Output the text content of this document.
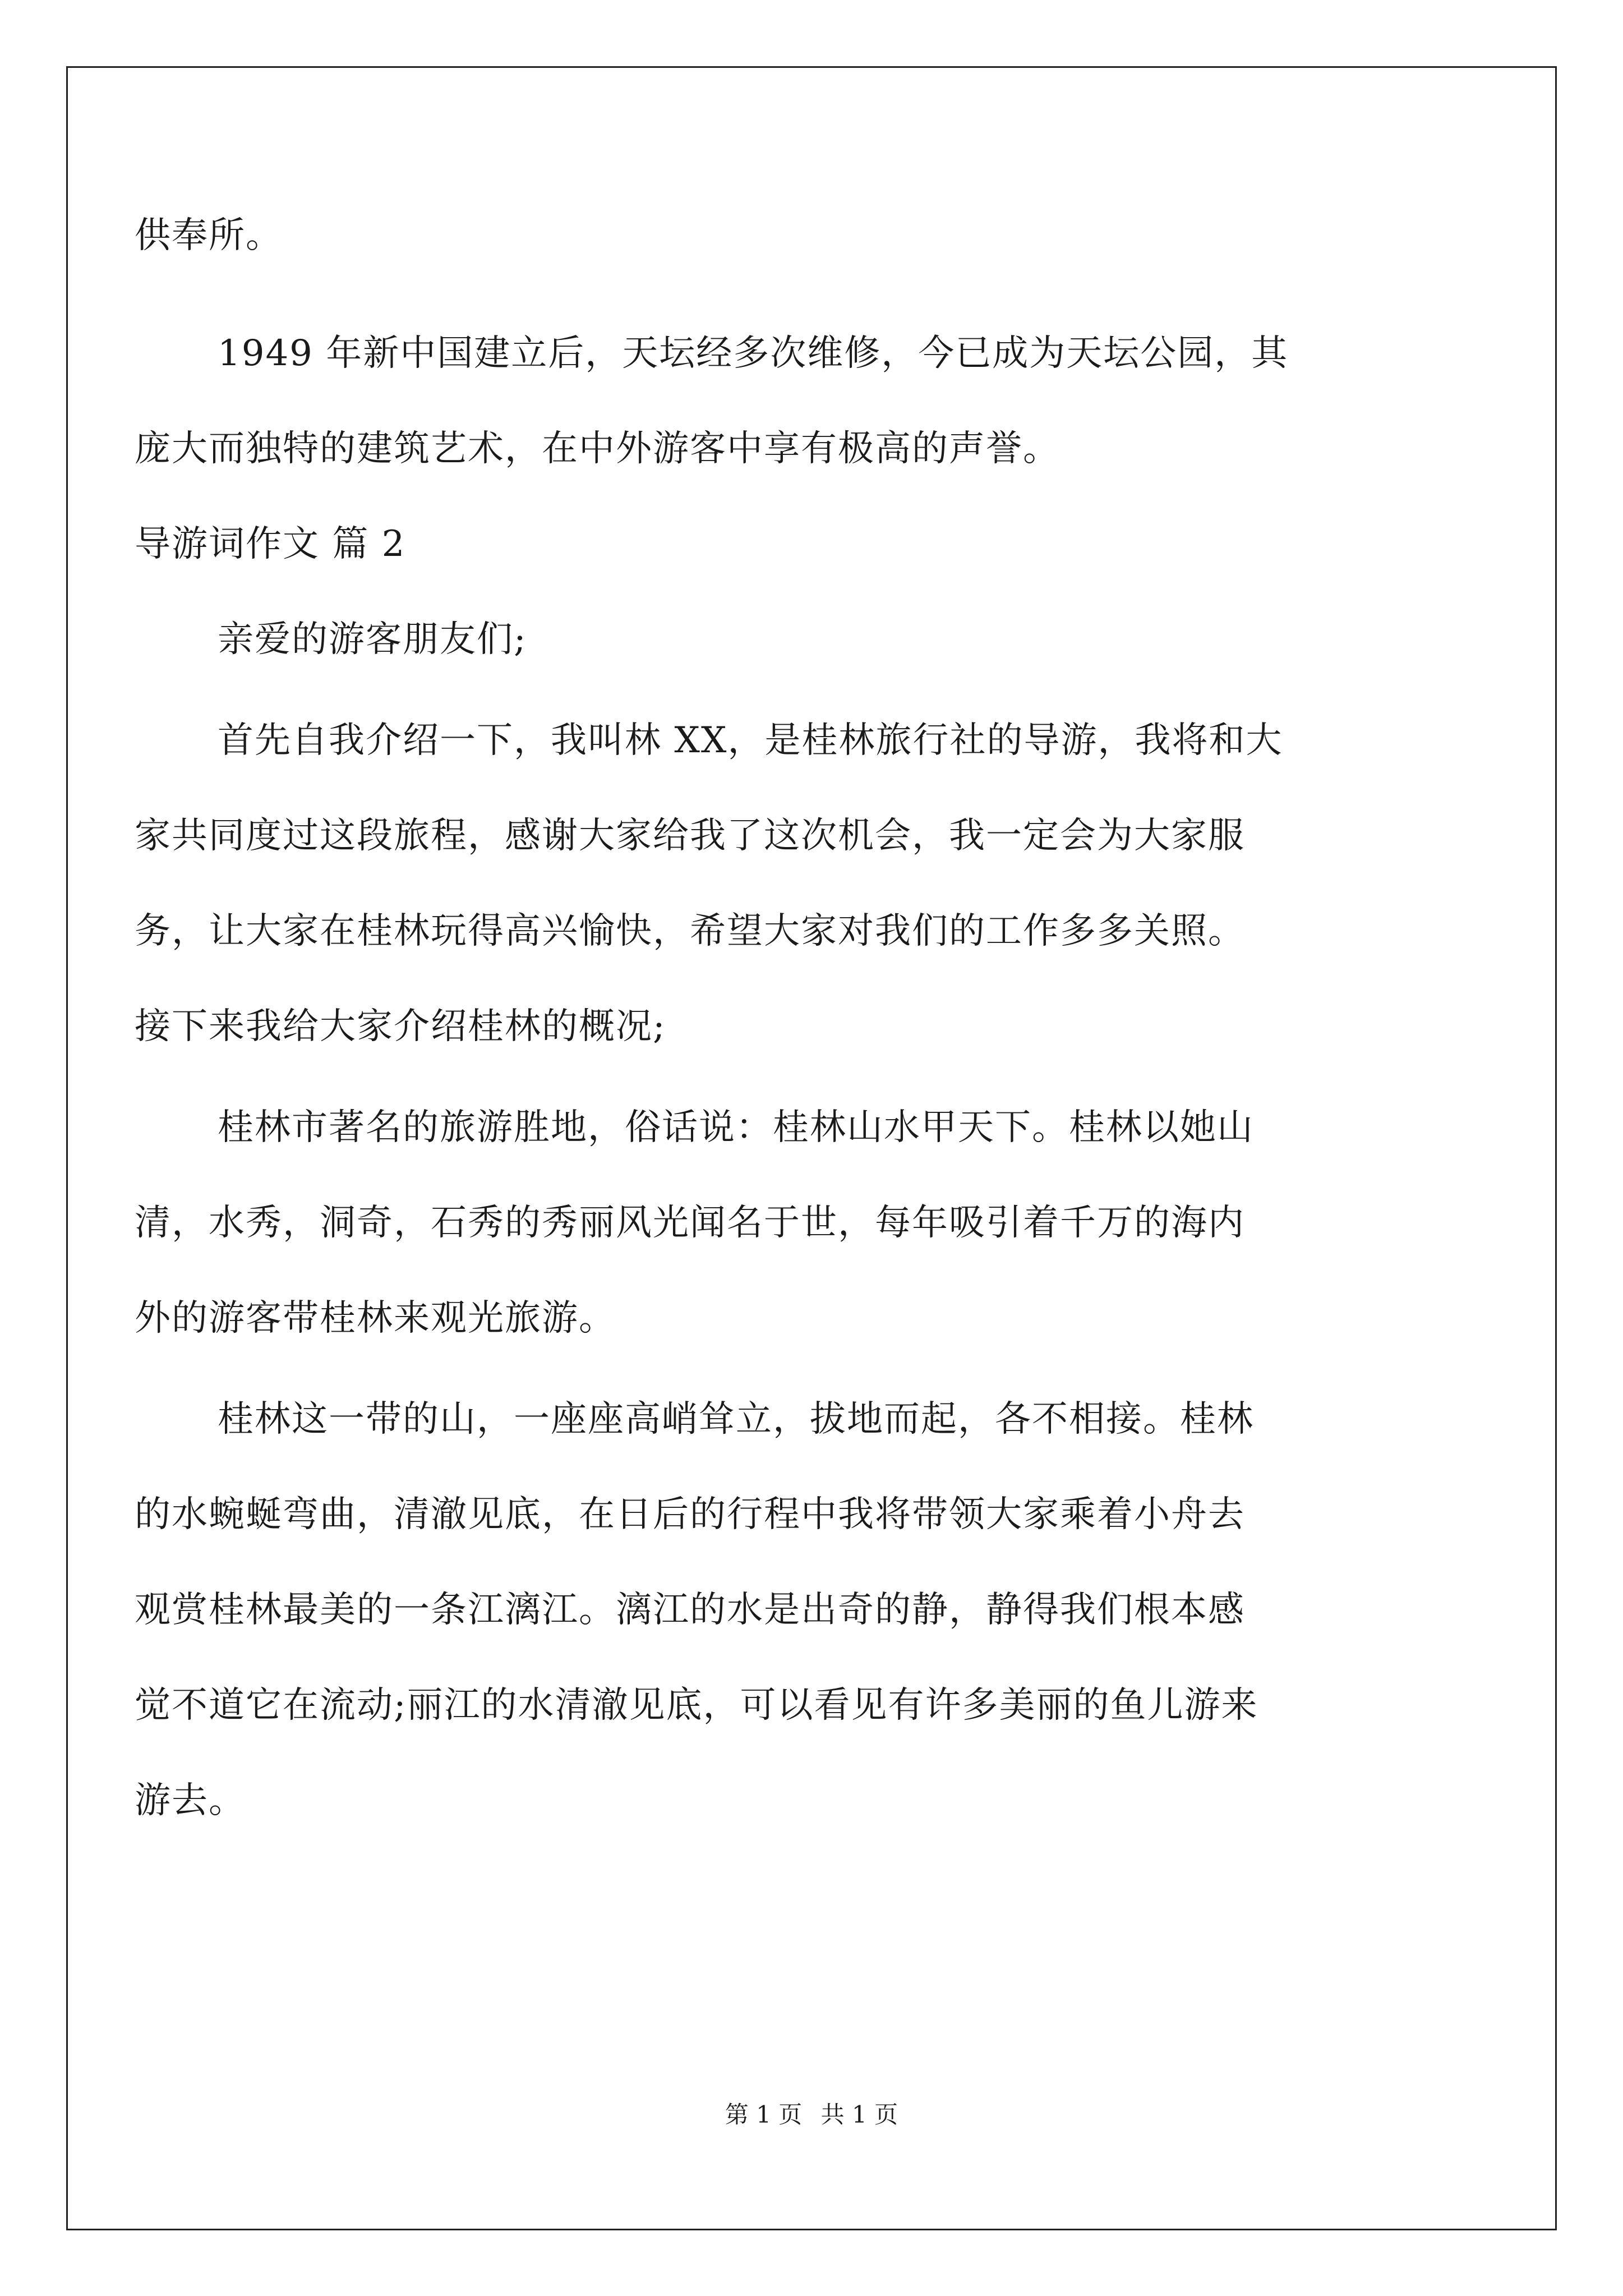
供奉所。
1949 年新中国建立后，天坛经多次维修，今已成为天坛公园，其
庞大而独特的建筑艺术，在中外游客中享有极高的声誉。
导游词作文 篇 2
亲爱的游客朋友们;
首先自我介绍一下，我叫林 XX，是桂林旅行社的导游，我将和大
家共同度过这段旅程，感谢大家给我了这次机会，我一定会为大家服
务，让大家在桂林玩得高兴愉快，希望大家对我们的工作多多关照。
接下来我给大家介绍桂林的概况;
桂林市著名的旅游胜地，俗话说：桂林山水甲天下。桂林以她山
清，水秀，洞奇，石秀的秀丽风光闻名于世，每年吸引着千万的海内
外的游客带桂林来观光旅游。
桂林这一带的山，一座座高峭耸立，拔地而起，各不相接。桂林
的水蜿蜒弯曲，清澈见底，在日后的行程中我将带领大家乘着小舟去
观赏桂林最美的一条江漓江。漓江的水是出奇的静，静得我们根本感
觉不道它在流动;丽江的水清澈见底，可以看见有许多美丽的鱼儿游来
游去。
第 1 页 共 1 页
